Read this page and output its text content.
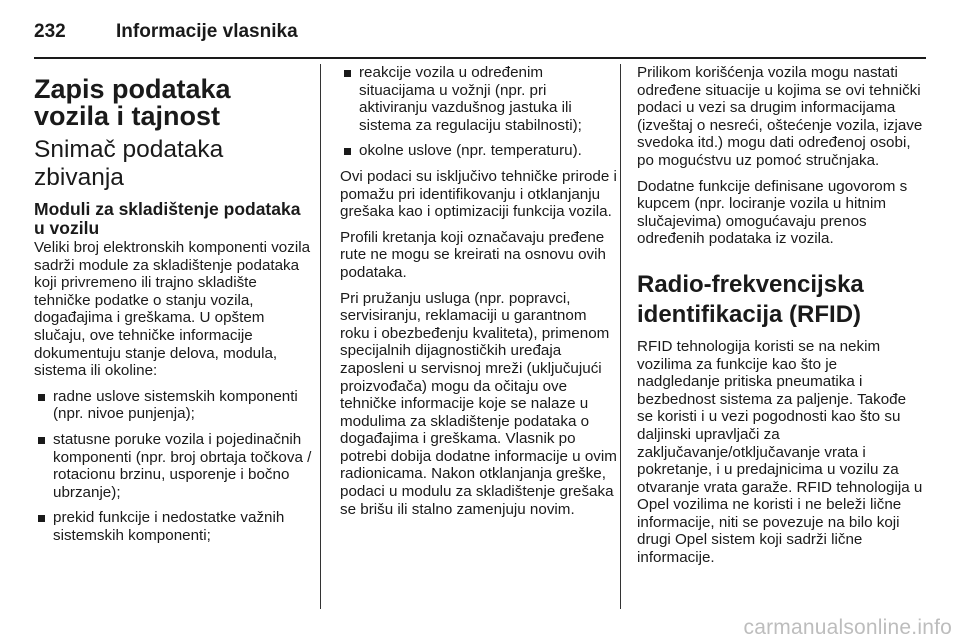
232	Informacije vlasnika
Zapis podataka vozila i tajnost
Snimač podataka zbivanja
Moduli za skladištenje podataka u vozilu

Veliki broj elektronskih komponenti vozila sadrži module za skladištenje podataka koji privremeno ili trajno skladište tehničke podatke o stanju vozila, događajima i greškama. U opštem slučaju, ove tehničke informacije dokumentuju stanje delova, modula, sistema ili okoline:

radne uslove sistemskih komponenti (npr. nivoe punjenja);
statusne poruke vozila i pojedinačnih komponenti (npr. broj obrtaja točkova / rotacionu brzinu, usporenje i bočno ubrzanje);
prekid funkcije i nedostatke važnih sistemskih komponenti;
reakcije vozila u određenim situacijama u vožnji (npr. pri aktiviranju vazdušnog jastuka ili sistema za regulaciju stabilnosti);
okolne uslove (npr. temperaturu).

Ovi podaci su isključivo tehničke prirode i pomažu pri identifikovanju i otklanjanju grešaka kao i optimizaciji funkcija vozila.

Profili kretanja koji označavaju pređene rute ne mogu se kreirati na osnovu ovih podataka.

Pri pružanju usluga (npr. popravci, servisiranju, reklamaciji u garantnom roku i obezbeđenju kvaliteta), primenom specijalnih dijagnostičkih uređaja zaposleni u servisnoj mreži (uključujući proizvođača) mogu da očitaju ove tehničke informacije koje se nalaze u modulima za skladištenje podataka o događajima i greškama. Vlasnik po potrebi dobija dodatne informacije u ovim radionicama. Nakon otklanjanja greške, podaci u modulu za skladištenje grešaka se brišu ili stalno zamenjuju novim.

Prilikom korišćenja vozila mogu nastati određene situacije u kojima se ovi tehnički podaci u vezi sa drugim informacijama (izveštaj o nesreći, oštećenje vozila, izjave svedoka itd.) mogu dati određenoj osobi, po mogućstvu uz pomoć stručnjaka.

Dodatne funkcije definisane ugovorom s kupcem (npr. lociranje vozila u hitnim slučajevima) omogućavaju prenos određenih podataka iz vozila.

Radio-frekvencijska identifikacija (RFID)

RFID tehnologija koristi se na nekim vozilima za funkcije kao što je nadgledanje pritiska pneumatika i bezbednost sistema za paljenje. Takođe se koristi i u vezi pogodnosti kao što su daljinski upravljači za zaključavanje/otključavanje vrata i pokretanje, i u predajnicima u vozilu za otvaranje vrata garaže. RFID tehnologija u Opel vozilima ne koristi i ne beleži lične informacije, niti se povezuje na bilo koji drugi Opel sistem koji sadrži lične informacije.

carmanualsonline.info
